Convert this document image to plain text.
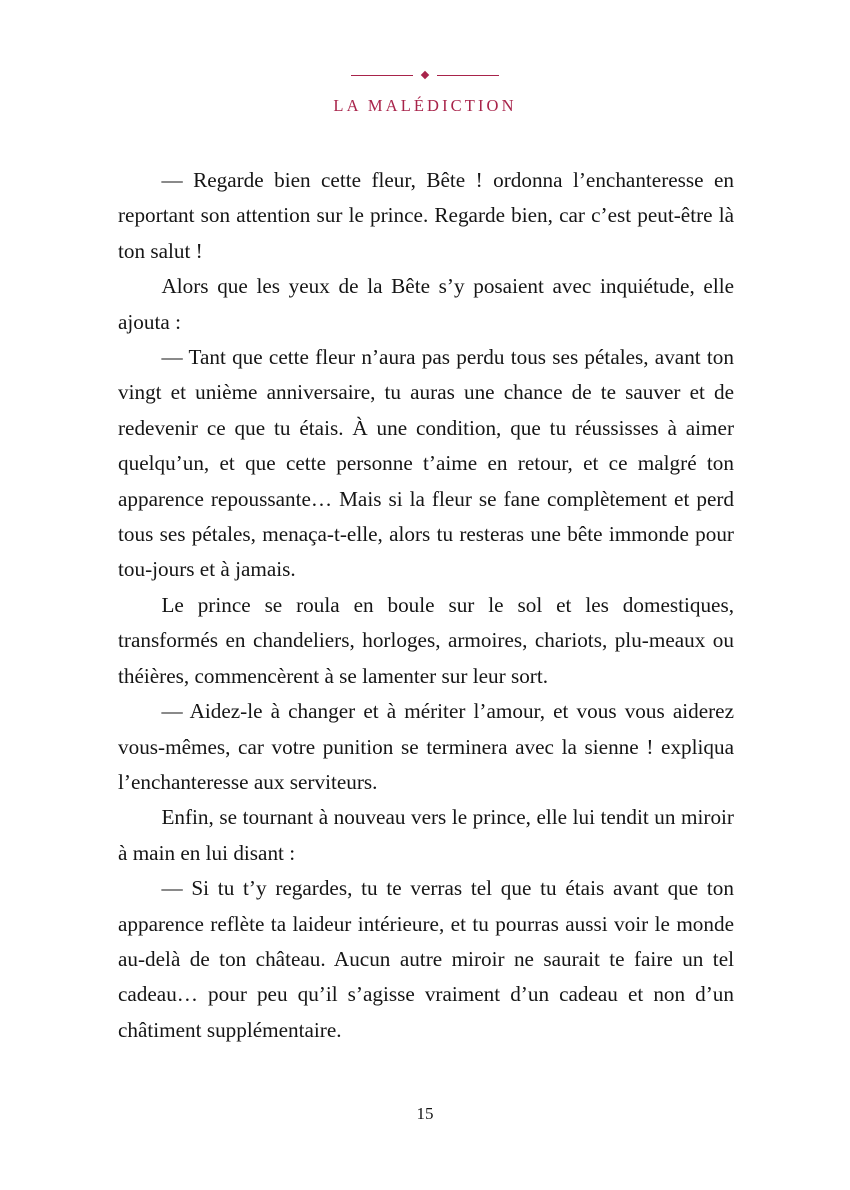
LA MALÉDICTION

— Regarde bien cette fleur, Bête ! ordonna l’enchanteresse en reportant son attention sur le prince. Regarde bien, car c’est peut-être là ton salut !

Alors que les yeux de la Bête s’y posaient avec inquiétude, elle ajouta :

— Tant que cette fleur n’aura pas perdu tous ses pétales, avant ton vingt et unième anniversaire, tu auras une chance de te sauver et de redevenir ce que tu étais. À une condition, que tu réussisses à aimer quelqu’un, et que cette personne t’aime en retour, et ce malgré ton apparence repoussante… Mais si la fleur se fane complètement et perd tous ses pétales, menaça-t-elle, alors tu resteras une bête immonde pour tou-jours et à jamais.

Le prince se roula en boule sur le sol et les domestiques, transformés en chandeliers, horloges, armoires, chariots, plu-meaux ou théières, commencèrent à se lamenter sur leur sort.

— Aidez-le à changer et à mériter l’amour, et vous vous aiderez vous-mêmes, car votre punition se terminera avec la sienne ! expliqua l’enchanteresse aux serviteurs.

Enfin, se tournant à nouveau vers le prince, elle lui tendit un miroir à main en lui disant :

— Si tu t’y regardes, tu te verras tel que tu étais avant que ton apparence reflète ta laideur intérieure, et tu pourras aussi voir le monde au-delà de ton château. Aucun autre miroir ne saurait te faire un tel cadeau… pour peu qu’il s’agisse vraiment d’un cadeau et non d’un châtiment supplémentaire.

15
